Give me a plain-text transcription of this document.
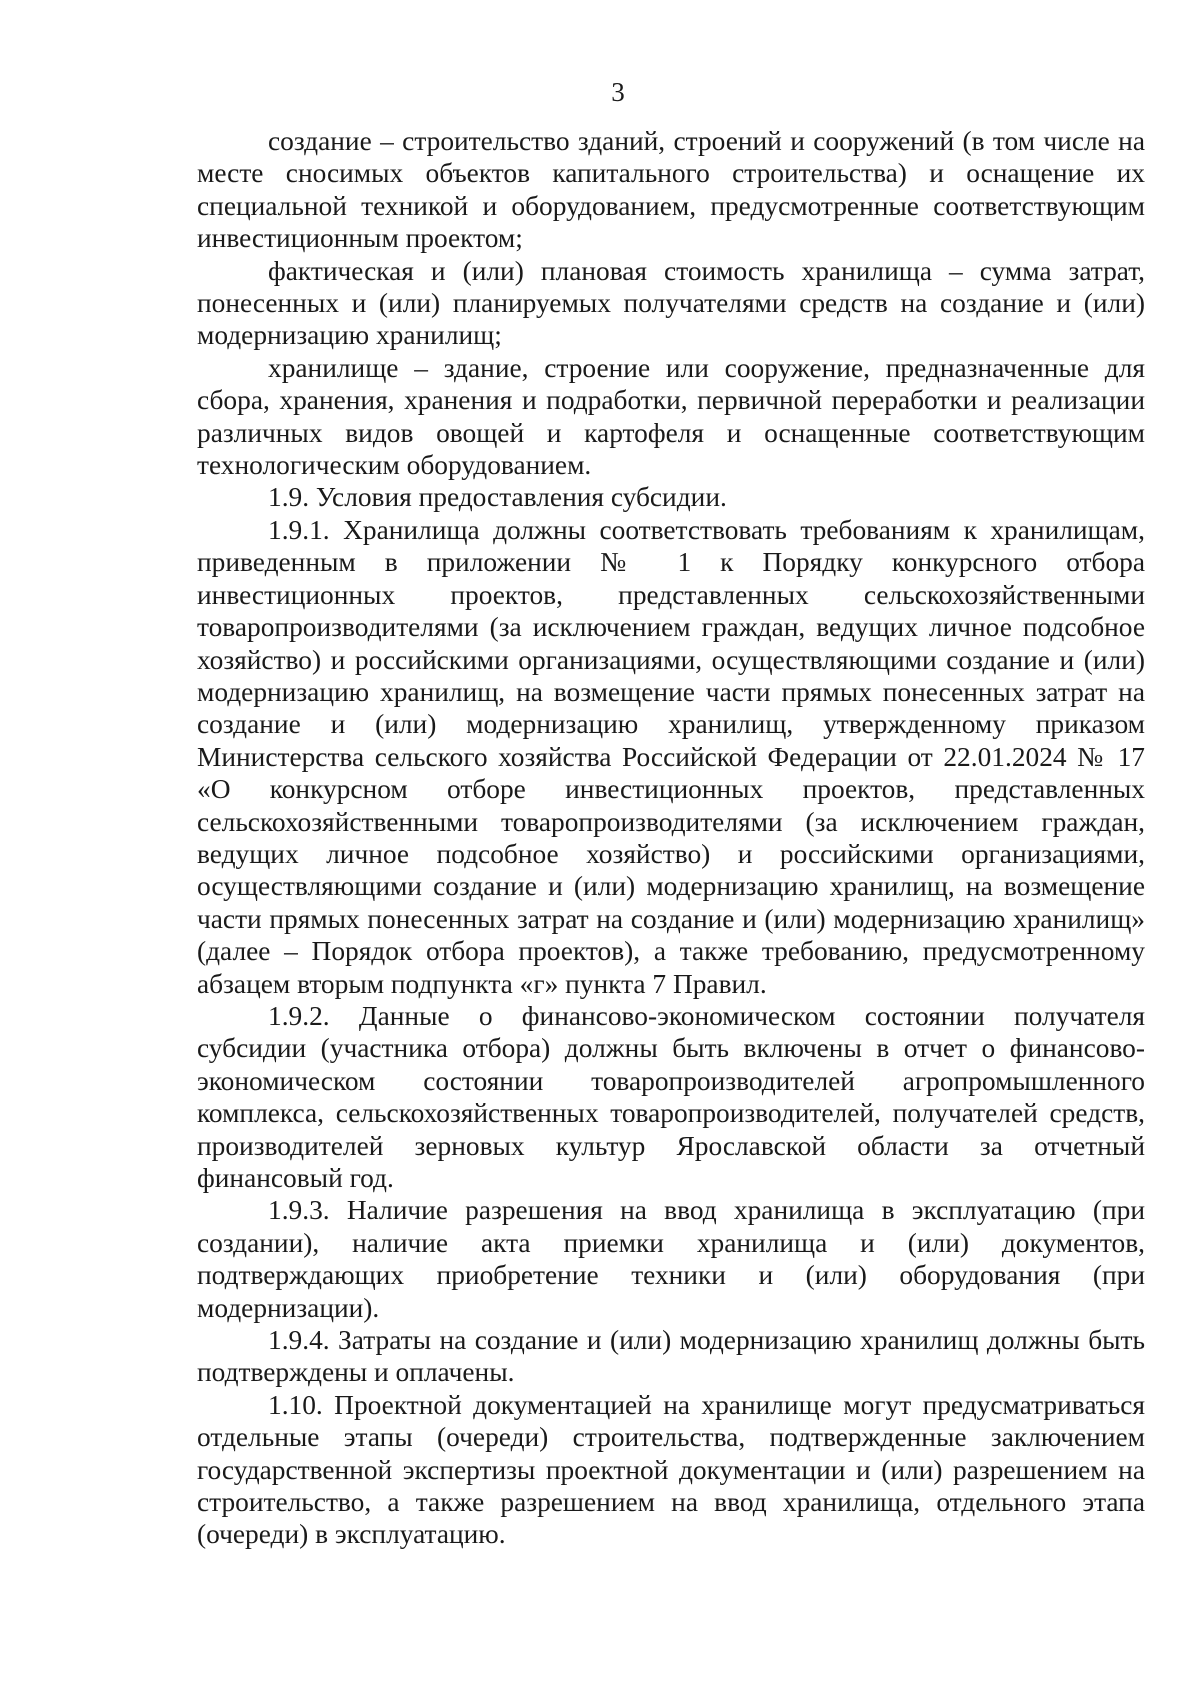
3

создание – строительство зданий, строений и сооружений (в том числе на месте сносимых объектов капитального строительства) и оснащение их специальной техникой и оборудованием, предусмотренные соответствующим инвестиционным проектом;

фактическая и (или) плановая стоимость хранилища – сумма затрат, понесенных и (или) планируемых получателями средств на создание и (или) модернизацию хранилищ;

хранилище – здание, строение или сооружение, предназначенные для сбора, хранения, хранения и подработки, первичной переработки и реализации различных видов овощей и картофеля и оснащенные соответствующим технологическим оборудованием.

1.9. Условия предоставления субсидии.

1.9.1. Хранилища должны соответствовать требованиям к хранилищам, приведенным в приложении № 1 к Порядку конкурсного отбора инвестиционных проектов, представленных сельскохозяйственными товаропроизводителями (за исключением граждан, ведущих личное подсобное хозяйство) и российскими организациями, осуществляющими создание и (или) модернизацию хранилищ, на возмещение части прямых понесенных затрат на создание и (или) модернизацию хранилищ, утвержденному приказом Министерства сельского хозяйства Российской Федерации от 22.01.2024 № 17 «О конкурсном отборе инвестиционных проектов, представленных сельскохозяйственными товаропроизводителями (за исключением граждан, ведущих личное подсобное хозяйство) и российскими организациями, осуществляющими создание и (или) модернизацию хранилищ, на возмещение части прямых понесенных затрат на создание и (или) модернизацию хранилищ» (далее – Порядок отбора проектов), а также требованию, предусмотренному абзацем вторым подпункта «г» пункта 7 Правил.

1.9.2. Данные о финансово-экономическом состоянии получателя субсидии (участника отбора) должны быть включены в отчет о финансово-экономическом состоянии товаропроизводителей агропромышленного комплекса, сельскохозяйственных товаропроизводителей, получателей средств, производителей зерновых культур Ярославской области за отчетный финансовый год.

1.9.3. Наличие разрешения на ввод хранилища в эксплуатацию (при создании), наличие акта приемки хранилища и (или) документов, подтверждающих приобретение техники и (или) оборудования (при модернизации).

1.9.4. Затраты на создание и (или) модернизацию хранилищ должны быть подтверждены и оплачены.

1.10. Проектной документацией на хранилище могут предусматриваться отдельные этапы (очереди) строительства, подтвержденные заключением государственной экспертизы проектной документации и (или) разрешением на строительство, а также разрешением на ввод хранилища, отдельного этапа (очереди) в эксплуатацию.
